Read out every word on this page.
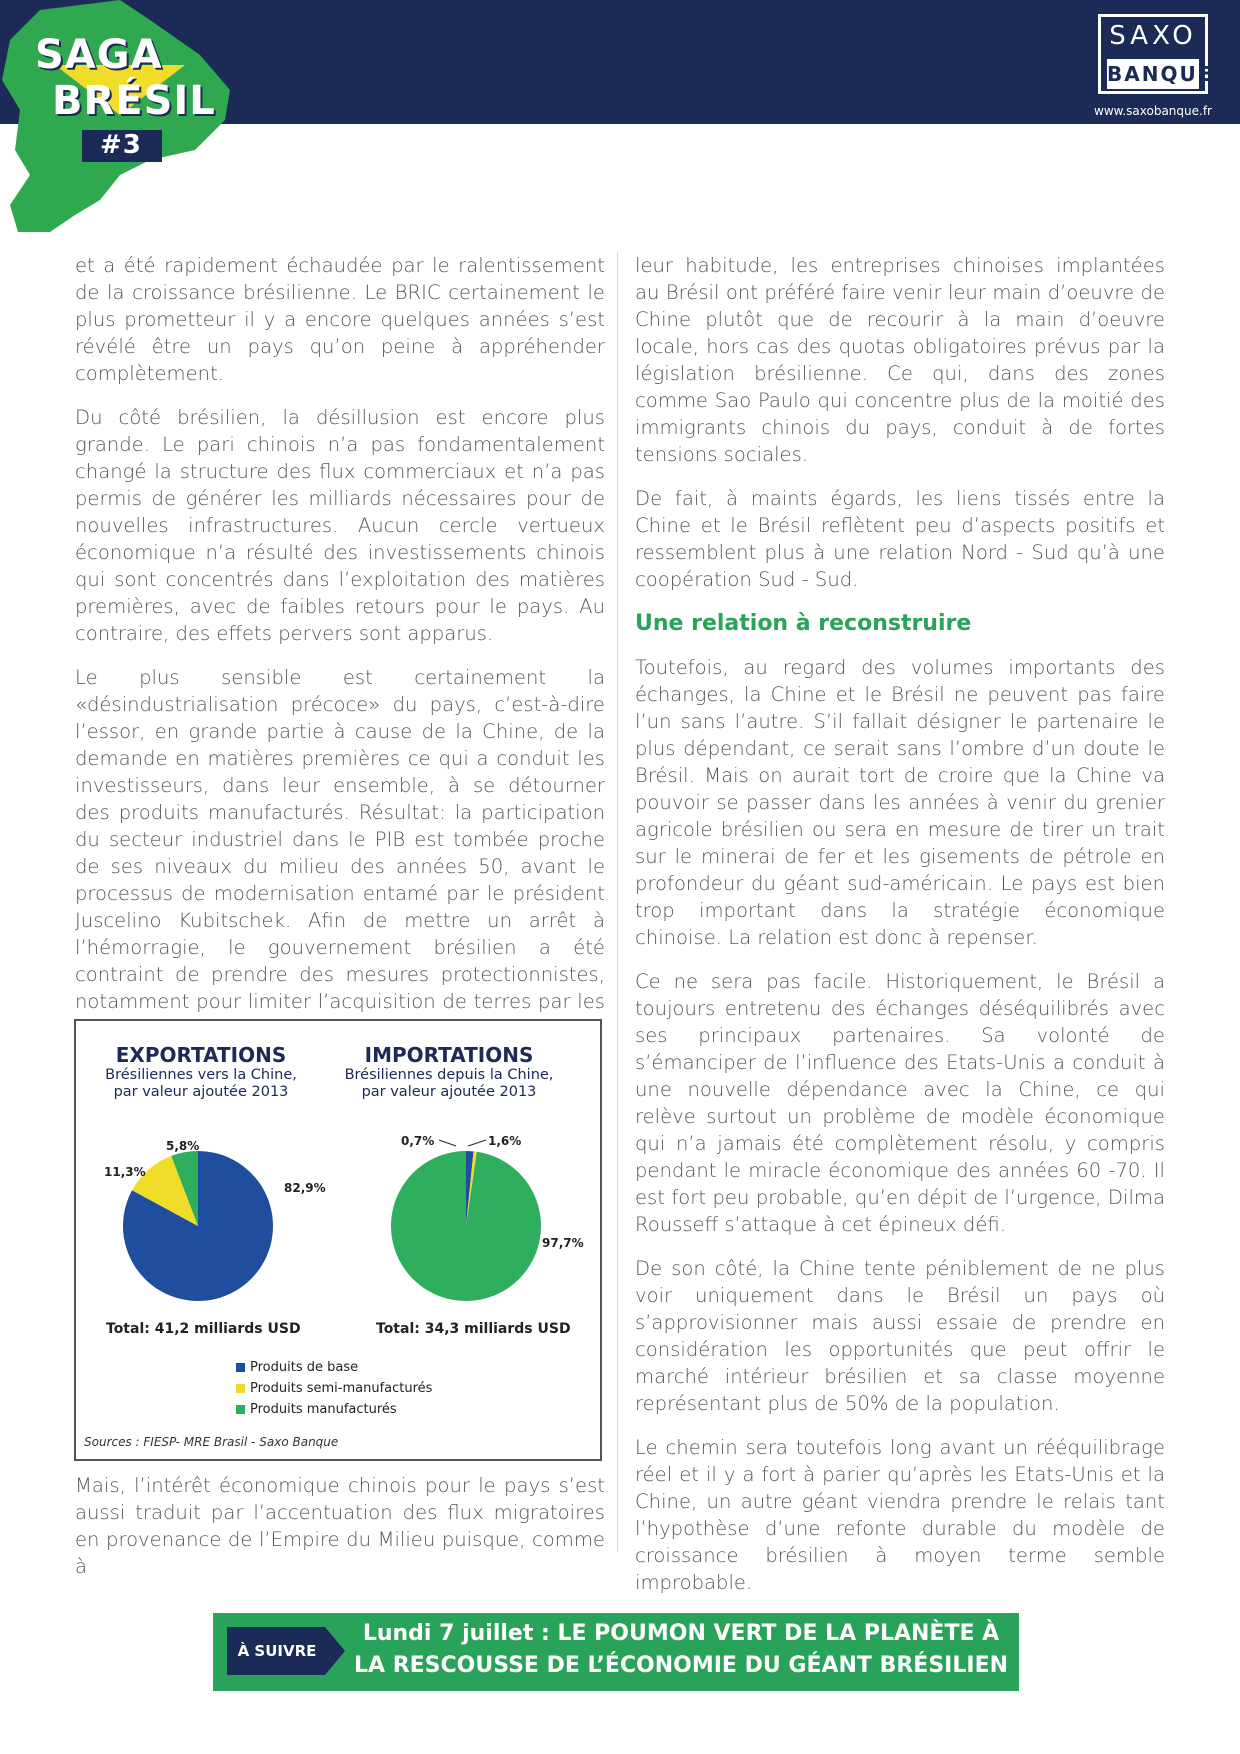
SAGA
BRÉSIL
#3
SAXO
BANQUE
www.saxobanque.fr

et a été rapidement échaudée par le ralentissement de la croissance brésilienne. Le BRIC certainement le plus prometteur il y a encore quelques années s’est révélé être un pays qu’on peine à appréhender complètement.

Du côté brésilien, la désillusion est encore plus grande. Le pari chinois n’a pas fondamentalement changé la structure des flux commerciaux et n’a pas permis de générer les milliards nécessaires pour de nouvelles infrastructures. Aucun cercle vertueux économique n’a résulté des investissements chinois qui sont concentrés dans l’exploitation des matières premières, avec de faibles retours pour le pays. Au contraire, des effets pervers sont apparus.

Le plus sensible est certainement la «désindustrialisation précoce» du pays, c’est-à-dire l’essor, en grande partie à cause de la Chine, de la demande en matières premières ce qui a conduit les investisseurs, dans leur ensemble, à se détourner des produits manufacturés. Résultat: la participation du secteur industriel dans le PIB est tombée proche de ses niveaux du milieu des années 50, avant le processus de modernisation entamé par le président Juscelino Kubitschek. Afin de mettre un arrêt à l’hémorragie, le gouvernement brésilien a été contraint de prendre des mesures protectionnistes, notamment pour limiter l’acquisition de terres par les

leur habitude, les entreprises chinoises implantées au Brésil ont préféré faire venir leur main d’oeuvre de Chine plutôt que de recourir à la main d’oeuvre locale, hors cas des quotas obligatoires prévus par la législation brésilienne. Ce qui, dans des zones comme Sao Paulo qui concentre plus de la moitié des immigrants chinois du pays, conduit à de fortes tensions sociales.

De fait, à maints égards, les liens tissés entre la Chine et le Brésil reflètent peu d’aspects positifs et ressemblent plus à une relation Nord - Sud qu’à une coopération Sud - Sud.

Une relation à reconstruire

Toutefois, au regard des volumes importants des échanges, la Chine et le Brésil ne peuvent pas faire l’un sans l’autre. S’il fallait désigner le partenaire le plus dépendant, ce serait sans l’ombre d’un doute le Brésil. Mais on aurait tort de croire que la Chine va pouvoir se passer dans les années à venir du grenier agricole brésilien ou sera en mesure de tirer un trait sur le minerai de fer et les gisements de pétrole en profondeur du géant sud-américain. Le pays est bien trop important dans la stratégie économique chinoise. La relation est donc à repenser.

Ce ne sera pas facile. Historiquement, le Brésil a toujours entretenu des échanges déséquilibrés avec ses principaux partenaires. Sa volonté de s’émanciper de l’influence des Etats-Unis a conduit à une nouvelle dépendance avec la Chine, ce qui relève surtout un problème de modèle économique qui n’a jamais été complètement résolu, y compris pendant le miracle économique des années 60 -70. Il est fort peu probable, qu’en dépit de l’urgence, Dilma Rousseff s’attaque à cet épineux défi.

De son côté, la Chine tente péniblement de ne plus voir uniquement dans le Brésil un pays où s’approvisionner mais aussi essaie de prendre en considération les opportunités que peut offrir le marché intérieur brésilien et sa classe moyenne représentant plus de 50% de la population.

Le chemin sera toutefois long avant un rééquilibrage réel et il y a fort à parier qu’après les Etats-Unis et la Chine, un autre géant viendra prendre le relais tant l’hypothèse d’une refonte durable du modèle de croissance brésilien à moyen terme semble improbable.

EXPORTATIONS
Brésiliennes vers la Chine, par valeur ajoutée 2013
IMPORTATIONS
Brésiliennes depuis la Chine, par valeur ajoutée 2013
82,9%
11,3%
5,8%	1,6%
0,7%
97,7%
Total: 41,2 milliards USD	Total: 34,3 milliards USD
Produits de base
Produits semi-manufacturés
Produits manufacturés
Sources : FIESP- MRE Brasil - Saxo Banque
Mais, l’intérêt économique chinois pour le pays s’est aussi traduit par l’accentuation des flux migratoires en provenance de l’Empire du Milieu puisque, comme à
À SUIVRE
Lundi 7 juillet : LE POUMON VERT DE LA PLANÈTE À
LA RESCOUSSE DE L’ÉCONOMIE DU GÉANT BRÉSILIEN
